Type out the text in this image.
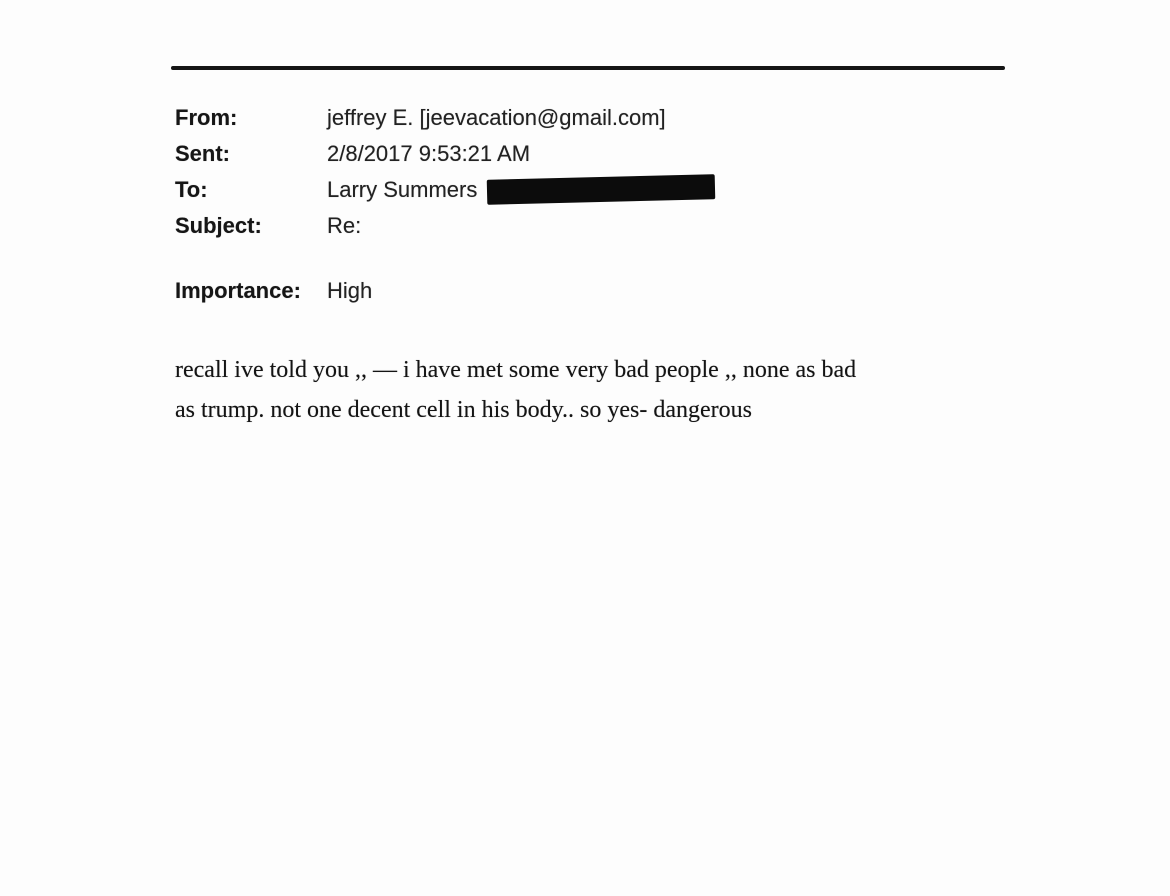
From:	jeffrey E. [jeevacation@gmail.com]
Sent:	2/8/2017 9:53:21 AM
To:	Larry Summers
Subject:	Re:
Importance:	High
recall ive told you ,, — i have met some very bad people ,, none as bad
as trump. not one decent cell in his body.. so yes- dangerous
